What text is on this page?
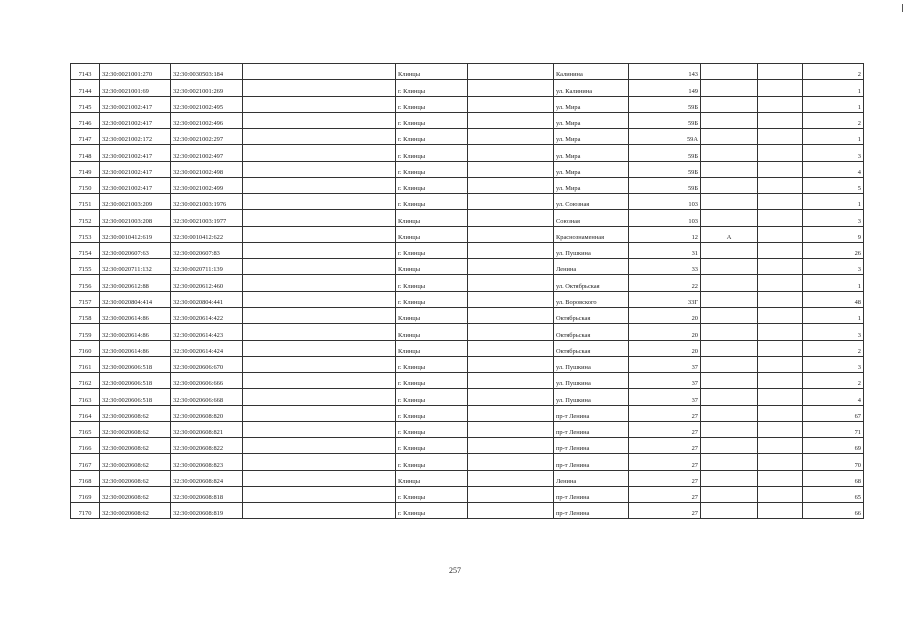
7143	32:30:0021001:270	32:30:0030503:184		Клинцы		Калинина	143			2
7144	32:30:0021001:69	32:30:0021001:269		г. Клинцы		ул. Калинина	149			1
7145	32:30:0021002:417	32:30:0021002:495		г. Клинцы		ул. Мира	59Б			1
7146	32:30:0021002:417	32:30:0021002:496		г. Клинцы		ул. Мира	59Б			2
7147	32:30:0021002:172	32:30:0021002:297		г. Клинцы		ул. Мира	59А			1
7148	32:30:0021002:417	32:30:0021002:497		г. Клинцы		ул. Мира	59Б			3
7149	32:30:0021002:417	32:30:0021002:498		г. Клинцы		ул. Мира	59Б			4
7150	32:30:0021002:417	32:30:0021002:499		г. Клинцы		ул. Мира	59Б			5
7151	32:30:0021003:209	32:30:0021003:1976		г. Клинцы		ул. Союзная	103			1
7152	32:30:0021003:208	32:30:0021003:1977		Клинцы		Союзная	103			3
7153	32:30:0010412:619	32:30:0010412:622		Клинцы		Краснознаменная	12	А		9
7154	32:30:0020607:63	32:30:0020607:83		г. Клинцы		ул. Пушкина	31			26
7155	32:30:0020711:132	32:30:0020711:139		Клинцы		Ленина	33			3
7156	32:30:0020612:88	32:30:0020612:460		г. Клинцы		ул. Октябрьская	22			1
7157	32:30:0020804:414	32:30:0020804:441		г. Клинцы		ул. Воровского	33Г			48
7158	32:30:0020614:86	32:30:0020614:422		Клинцы		Октябрьская	20			1
7159	32:30:0020614:86	32:30:0020614:423		Клинцы		Октябрьская	20			3
7160	32:30:0020614:86	32:30:0020614:424		Клинцы		Октябрьская	20			2
7161	32:30:0020606:518	32:30:0020606:670		г. Клинцы		ул. Пушкина	37			3
7162	32:30:0020606:518	32:30:0020606:666		г. Клинцы		ул. Пушкина	37			2
7163	32:30:0020606:518	32:30:0020606:668		г. Клинцы		ул. Пушкина	37			4
7164	32:30:0020608:62	32:30:0020608:820		г. Клинцы		пр-т Ленина	27			67
7165	32:30:0020608:62	32:30:0020608:821		г. Клинцы		пр-т Ленина	27			71
7166	32:30:0020608:62	32:30:0020608:822		г. Клинцы		пр-т Ленина	27			69
7167	32:30:0020608:62	32:30:0020608:823		г. Клинцы		пр-т Ленина	27			70
7168	32:30:0020608:62	32:30:0020608:824		Клинцы		Ленина	27			68
7169	32:30:0020608:62	32:30:0020608:818		г. Клинцы		пр-т Ленина	27			65
7170	32:30:0020608:62	32:30:0020608:819		г. Клинцы		пр-т Ленина	27			66
257
